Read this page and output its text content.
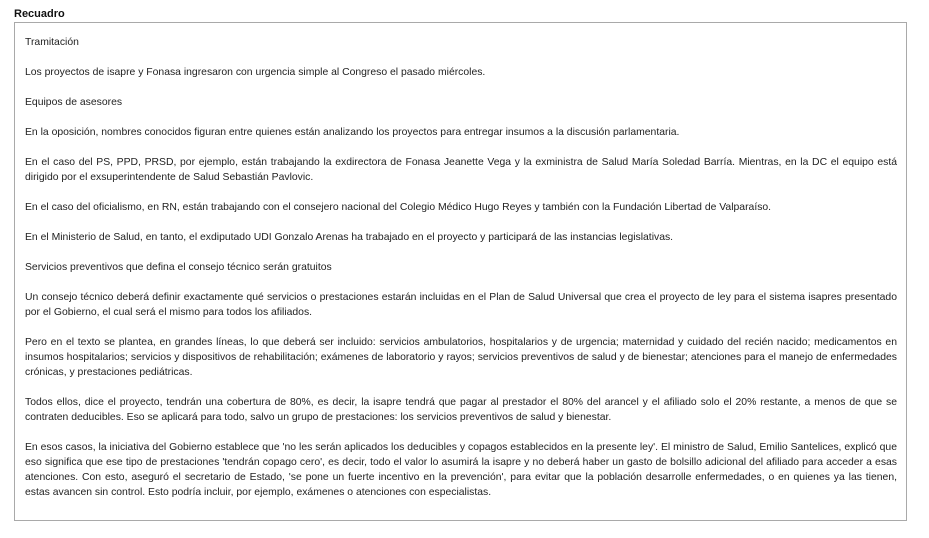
Recuadro

Tramitación

Los proyectos de isapre y Fonasa ingresaron con urgencia simple al Congreso el pasado miércoles.

Equipos de asesores

En la oposición, nombres conocidos figuran entre quienes están analizando los proyectos para entregar insumos a la discusión parlamentaria.

En el caso del PS, PPD, PRSD, por ejemplo, están trabajando la exdirectora de Fonasa Jeanette Vega y la exministra de Salud María Soledad Barría. Mientras, en la DC el equipo está dirigido por el exsuperintendente de Salud Sebastián Pavlovic.

En el caso del oficialismo, en RN, están trabajando con el consejero nacional del Colegio Médico Hugo Reyes y también con la Fundación Libertad de Valparaíso.

En el Ministerio de Salud, en tanto, el exdiputado UDI Gonzalo Arenas ha trabajado en el proyecto y participará de las instancias legislativas.

Servicios preventivos que defina el consejo técnico serán gratuitos

Un consejo técnico deberá definir exactamente qué servicios o prestaciones estarán incluidas en el Plan de Salud Universal que crea el proyecto de ley para el sistema isapres presentado por el Gobierno, el cual será el mismo para todos los afiliados.

Pero en el texto se plantea, en grandes líneas, lo que deberá ser incluido: servicios ambulatorios, hospitalarios y de urgencia; maternidad y cuidado del recién nacido; medicamentos en insumos hospitalarios; servicios y dispositivos de rehabilitación; exámenes de laboratorio y rayos; servicios preventivos de salud y de bienestar; atenciones para el manejo de enfermedades crónicas, y prestaciones pediátricas.

Todos ellos, dice el proyecto, tendrán una cobertura de 80%, es decir, la isapre tendrá que pagar al prestador el 80% del arancel y el afiliado solo el 20% restante, a menos de que se contraten deducibles. Eso se aplicará para todo, salvo un grupo de prestaciones: los servicios preventivos de salud y bienestar.

En esos casos, la iniciativa del Gobierno establece que 'no les serán aplicados los deducibles y copagos establecidos en la presente ley'. El ministro de Salud, Emilio Santelices, explicó que eso significa que ese tipo de prestaciones 'tendrán copago cero', es decir, todo el valor lo asumirá la isapre y no deberá haber un gasto de bolsillo adicional del afiliado para acceder a esas atenciones. Con esto, aseguró el secretario de Estado, 'se pone un fuerte incentivo en la prevención', para evitar que la población desarrolle enfermedades, o en quienes ya las tienen, estas avancen sin control. Esto podría incluir, por ejemplo, exámenes o atenciones con especialistas.
